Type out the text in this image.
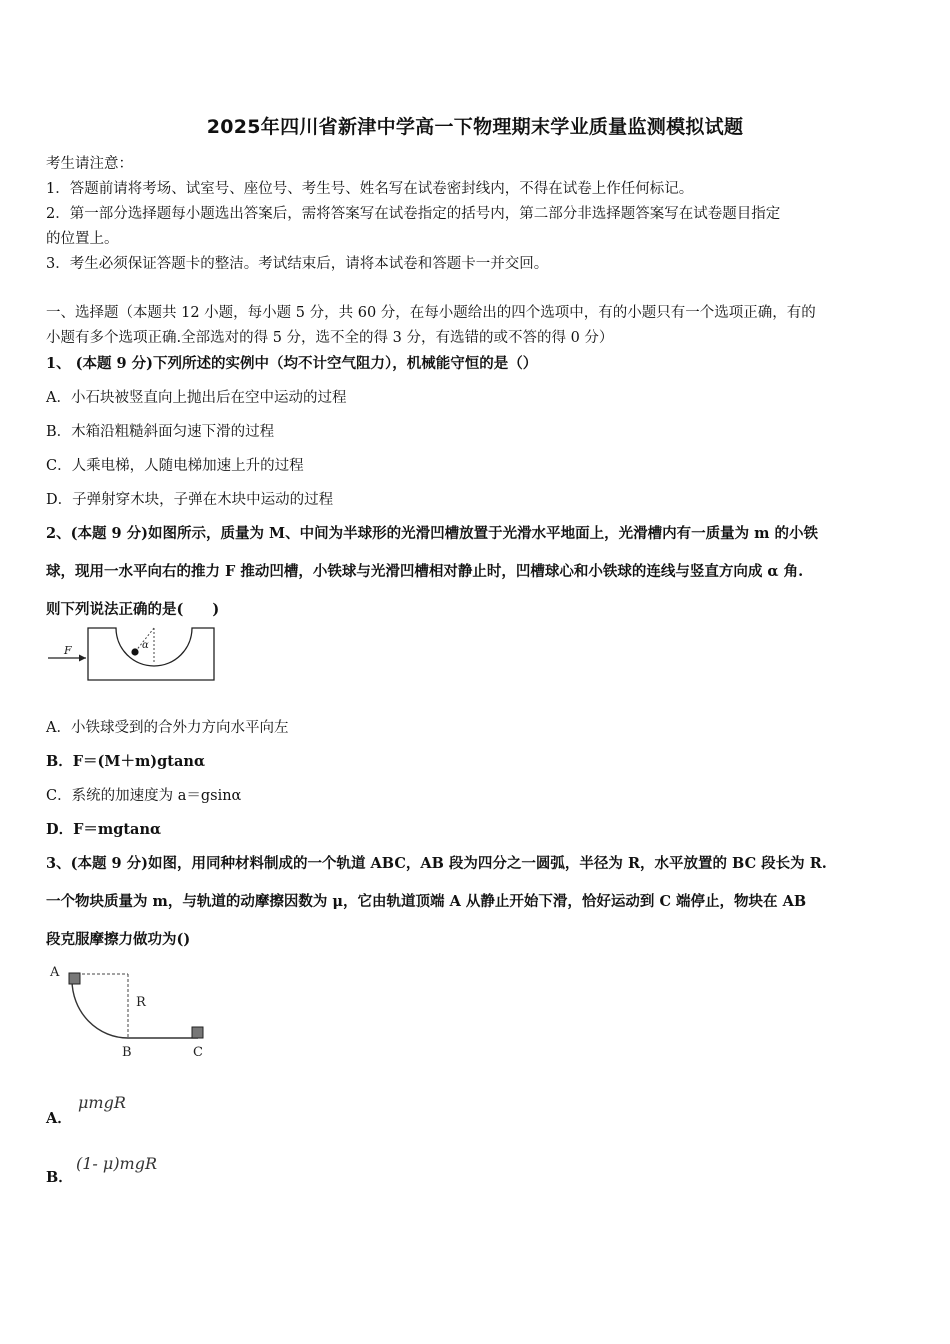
2025年四川省新津中学高一下物理期末学业质量监测模拟试题
考生请注意：
1．答题前请将考场、试室号、座位号、考生号、姓名写在试卷密封线内，不得在试卷上作任何标记。
2．第一部分选择题每小题选出答案后，需将答案写在试卷指定的括号内，第二部分非选择题答案写在试卷题目指定
的位置上。
3．考生必须保证答题卡的整洁。考试结束后，请将本试卷和答题卡一并交回。
一、选择题（本题共 12 小题，每小题 5 分，共 60 分，在每小题给出的四个选项中，有的小题只有一个选项正确，有的
小题有多个选项正确.全部选对的得 5 分，选不全的得 3 分，有选错的或不答的得 0 分）
1、 (本题 9 分)下列所述的实例中（均不计空气阻力），机械能守恒的是（）
A．小石块被竖直向上抛出后在空中运动的过程
B．木箱沿粗糙斜面匀速下滑的过程
C．人乘电梯，人随电梯加速上升的过程
D．子弹射穿木块，子弹在木块中运动的过程
2、(本题 9 分)如图所示，质量为 M、中间为半球形的光滑凹槽放置于光滑水平地面上，光滑槽内有一质量为 m 的小铁
球，现用一水平向右的推力 F 推动凹槽，小铁球与光滑凹槽相对静止时，凹槽球心和小铁球的连线与竖直方向成 α 角.
则下列说法正确的是(　　)
F	α
A．小铁球受到的合外力方向水平向左
B．F＝(M＋m)gtanα
C．系统的加速度为 a＝gsinα
D．F＝mgtanα
3、(本题 9 分)如图，用同种材料制成的一个轨道 ABC，AB 段为四分之一圆弧，半径为 R，水平放置的 BC 段长为 R.
一个物块质量为 m，与轨道的动摩擦因数为 μ，它由轨道顶端 A 从静止开始下滑，恰好运动到 C 端停止，物块在 AB
段克服摩擦力做功为()
A
R
B	C
A．
μmgR
B．
(1- μ)mgR
